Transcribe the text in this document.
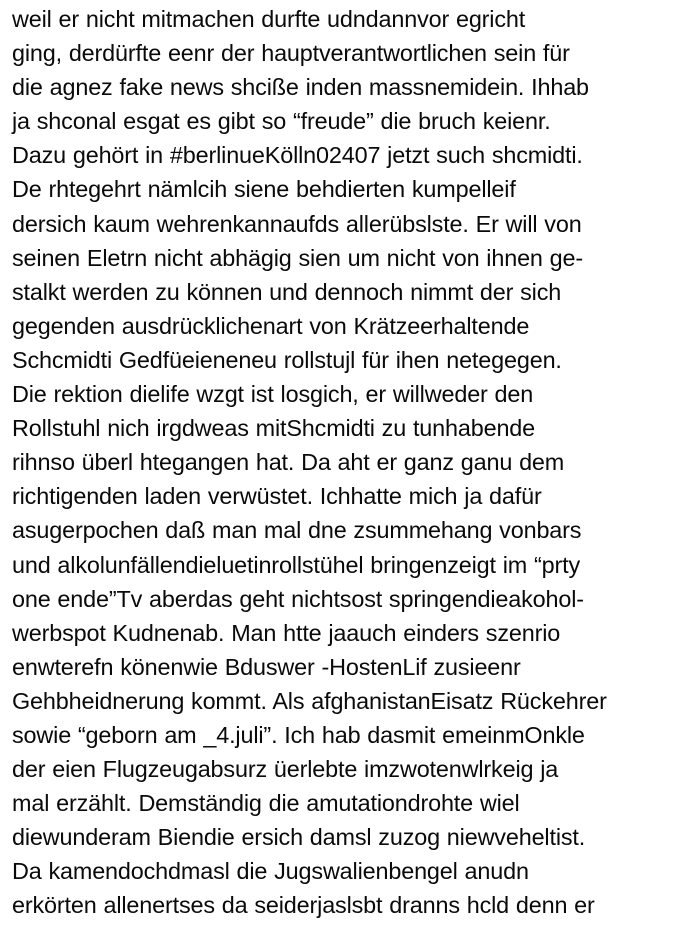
weil er nicht mitmachen durfte udndannvor egricht
ging, derdürfte eenr der hauptverantwortlichen sein für
die agnez fake news shcißе inden massnemidein. Ihhab
ja shconal esgat es gibt so “freude” die bruch keienr.
Dazu gehört in #berlinueKölln02407 jetzt such shcmidti.
De rhtegehrt nämlcih siene behdierten kumpelleif
dersich kaum wehrenkannaufds allerübslste. Er will von
seinen Eletrn nicht abhägig sien um nicht von ihnen ge-
stalkt werden zu können und dennoch nimmt der sich
gegenden ausdrücklichenart von Krätzeerhaltende
Schcmidti Gedfüeieneneu rollstujl für ihen netegegen.
Die rektion dielife wzgt ist losgich, er willweder den
Rollstuhl nich irgdweas mitShcmidti zu tunhabende
rihnso überl htegangen hat. Da aht er ganz ganu dem
richtigenden laden verwüstet. Ichhatte mich ja dafür
asugerpochen daß man mal dne zsummehang vonbars
und alkolunfällendieluetinrollstühel bringenzeigt im “prty
one ende”Tv aberdas geht nichtsost springendieakohol-
werbspot Kudnenab. Man htte jaauch einders szenrio
enwterefn könenwie Bduswer -HostenLif zusieenr
Gehbheidnerung kommt. Als afghanistanEisatz Rückehrer
sowie “geborn am _4.juli”. Ich hab dasmit emeinmOnkle
der eien Flugzeugabsurz üerlebte imzwotenwlrkeig ja
mal erzählt. Demständig die amutationdrohte wiel
diewunderam Biendie ersich damsl zuzog niewveheltist.
Da kamendochdmasl die Jugswalienbengel anudn
erkörten allenertses da seiderjaslsbt dranns hcld denn er
